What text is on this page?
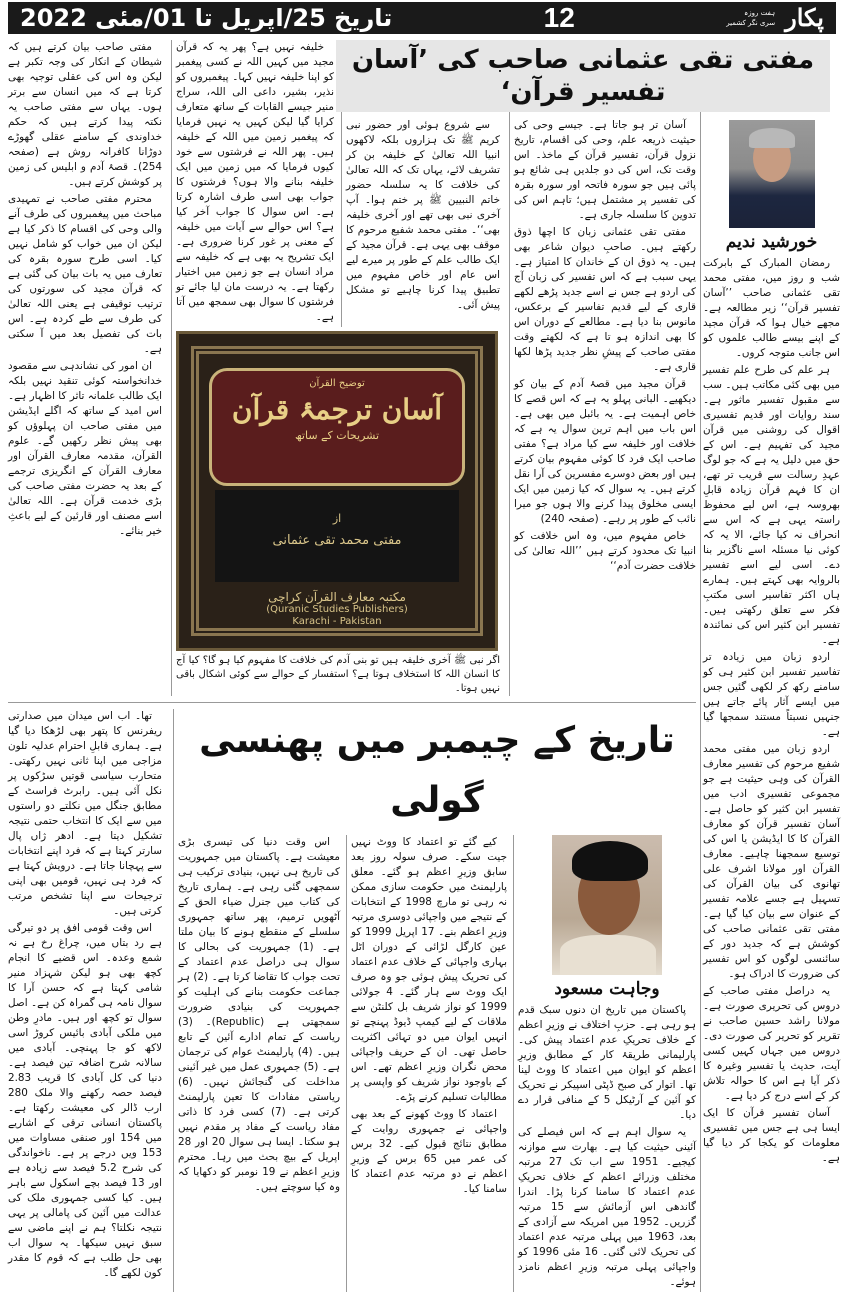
تاریخ 25/اپریل تا 01/مئی 2022	12	پکار
ہفت روزہ
سری نگر کشمیر
مفتی تقی عثمانی صاحب کی ’آسان تفسیر قرآن‘

مفتی صاحب بیان کرتے ہیں کہ شیطان کے انکار کی وجہ تکبر ہے لیکن وہ اس کی عقلی توجیہ بھی کرتا ہے کہ میں انسان سے برتر ہوں۔ یہاں سے مفتی صاحب یہ نکتہ پیدا کرتے ہیں کہ حکم خداوندی کے سامنے عقلی گھوڑے دوڑانا کافرانہ روش ہے (صفحہ 254)۔ قصۂ آدم و ابلیس کی زمین پر کوشش کرتے ہیں۔

محترم مفتی صاحب نے تمہیدی مباحث میں پیغمبروں کی طرف آنے والی وحی کی اقسام کا ذکر کیا ہے لیکن ان میں خواب کو شامل نہیں کیا۔ اسی طرح سورہ بقرہ کی تعارف میں یہ بات بیان کی گئی ہے کہ قرآن مجید کی سورتوں کی ترتیب توقیفی ہے یعنی اللہ تعالیٰ کی طرف سے طے کردہ ہے۔ اس بات کی تفصیل بعد میں آ سکتی ہے۔

ان امور کی نشاندہی سے مقصود خدانخواستہ کوئی تنقید نہیں بلکہ ایک طالب علمانہ تاثر کا اظہار ہے۔ اس امید کے ساتھ کہ اگلے ایڈیشن میں مفتی صاحب ان پہلوؤں کو بھی پیش نظر رکھیں گے۔ علوم القرآن، مقدمہ معارف القرآن اور معارف القرآن کے انگریزی ترجمے کے بعد یہ حضرت مفتی صاحب کی بڑی خدمت قرآن ہے۔ اللہ تعالیٰ اسے مصنف اور قارئین کے لیے باعثِ خیر بنائے۔

خلیفہ نہیں ہے؟ پھر یہ کہ قرآن مجید میں کہیں اللہ نے کسی پیغمبر کو اپنا خلیفہ نہیں کہا۔ پیغمبروں کو نذیر، بشیر، داعی الی اللہ، سراج منیر جیسے القابات کے ساتھ متعارف کرایا گیا لیکن کہیں یہ نہیں فرمایا کہ پیغمبر زمین میں اللہ کے خلیفہ ہیں۔ پھر اللہ نے فرشتوں سے خود کیوں فرمایا کہ میں زمین میں ایک خلیفہ بنانے والا ہوں؟ فرشتوں کا جواب بھی اسی طرف اشارہ کرتا ہے۔ اس سوال کا جواب آخر کیا ہے؟ اس حوالے سے آیات میں خلیفہ کے معنی پر غور کرنا ضروری ہے۔ ایک تشریح یہ بھی ہے کہ خلیفہ سے مراد انسان ہے جو زمین میں اختیار رکھتا ہے۔ یہ درست مان لیا جائے تو فرشتوں کا سوال بھی سمجھ میں آتا ہے۔

سے شروع ہوئی اور حضور نبی کریم ﷺ تک ہزاروں بلکہ لاکھوں انبیا اللہ تعالیٰ کے خلیفہ بن کر تشریف لائے، یہاں تک کہ اللہ تعالیٰ کی خلافت کا یہ سلسلہ حضور خاتم النبیین ﷺ پر ختم ہوا۔ آپ آخری نبی بھی تھے اور آخری خلیفہ بھی‘‘۔ مفتی محمد شفیع مرحوم کا موقف بھی یہی ہے۔ قرآن مجید کے ایک طالب علم کے طور پر میرے لیے اس عام اور خاص مفہوم میں تطبیق پیدا کرنا چاہیے تو مشکل پیش آئی۔

توضیح القرآن
آسان ترجمۂ قرآن
تشریحات کے ساتھ
از
مفتی محمد تقی عثمانی
مکتبہ معارف القرآن کراچی
(Quranic Studies Publishers)
Karachi - Pakistan
اگر نبی ﷺ آخری خلیفہ ہیں تو بنی آدم کی خلافت کا مفہوم کیا ہو گا؟ کیا آج کا انسان اللہ کا استخلاف ہوتا ہے؟ استفسار کے حوالے سے کوئی اشکال باقی نہیں ہوتا۔

آسان تر ہو جاتا ہے۔ جیسے وحی کی حیثیت ذریعہ علم، وحی کی اقسام، تاریخ نزول قرآن، تفسیر قرآن کے ماخذ۔ اس وقت تک، اس کی دو جلدیں ہی شائع ہو پائی ہیں جو سورہ فاتحہ اور سورہ بقرہ کی تفسیر پر مشتمل ہیں؛ تاہم اس کی تدوین کا سلسلہ جاری ہے۔

مفتی تقی عثمانی زبان کا اچھا ذوق رکھتے ہیں۔ صاحبِ دیوان شاعر بھی ہیں۔ یہ ذوق ان کے خاندان کا امتیاز ہے۔ یہی سبب ہے کہ اس تفسیر کی زبان آج کی اردو ہے جس نے اسے جدید پڑھے لکھے قاری کے لیے قدیم تفاسیر کے برعکس، مانوس بنا دیا ہے۔ مطالعے کے دوران اس کا بھی اندازہ ہو تا ہے کہ لکھتے وقت مفتی صاحب کے پیشِ نظر جدید پڑھا لکھا قاری ہے۔

قرآن مجید میں قصۂ آدم کے بیان کو دیکھیے۔ البانی پہلو یہ ہے کہ اس قصے کا خاص اہمیت ہے۔ یہ بائبل میں بھی ہے۔ اس باب میں اہم ترین سوال یہ ہے کہ خلافت اور خلیفہ سے کیا مراد ہے؟ مفتی صاحب ایک فرد کا کوئی مفہوم بیان کرتے ہیں اور بعض دوسرے مفسرین کی آرا نقل کرتے ہیں۔ یہ سوال کہ کیا زمین میں ایک ایسی مخلوق پیدا کرنے والا ہوں جو میرا نائب کے طور پر رہے۔ (صفحہ 240)

خاص مفہوم میں، وہ اس خلافت کو انبیا تک محدود کرتے ہیں ’’اللہ تعالیٰ کی خلافت حضرت آدم‘‘

تھا۔ اب اس میدان میں صدارتی ریفرنس کا پتھر بھی لڑھکا دیا گیا ہے۔ ہماری قابلِ احترام عدلیہ تلون مزاجی میں اپنا ثانی نہیں رکھتی۔ متحارب سیاسی قوتیں سڑکوں پر نکل آئی ہیں۔ رابرٹ فراسٹ کے مطابق جنگل میں نکلتے دو راستوں میں سے ایک کا انتخاب حتمی نتیجہ تشکیل دیتا ہے۔ ادھر ژاں پال سارتر کہتا ہے کہ فرد اپنے انتخابات سے پہچانا جاتا ہے۔ درویش کہتا ہے کہ فرد ہی نہیں، قومیں بھی اپنی ترجیحات سے اپنا تشخص مرتب کرتی ہیں۔

اس وقت قومی افق پر دو تیرگی ہے رد بتاں میں، چراغ رخ ہے نہ شمع وعدہ۔ اس قضیے کا انجام کچھ بھی ہو لیکن شہزاد منیر شامی کہتا ہے کہ حسن آرا کا سوال نامہ ہی گمراہ کن ہے۔ اصل سوال تو کچھ اور ہیں۔ مادرِ وطن میں ملکی آبادی بائیس کروڑ اسی لاکھ کو جا پہنچی۔ آبادی میں سالانہ شرح اضافہ تین فیصد ہے۔ دنیا کی کل آبادی کا قریب 2.83 فیصد حصہ رکھنے والا ملک 280 ارب ڈالر کی معیشت رکھتا ہے۔ پاکستان انسانی ترقی کے اشاریے میں 154 اور صنفی مساوات میں 153 ویں درجے پر ہے۔ ناخواندگی کی شرح 5.2 فیصد سے زیادہ ہے اور 13 فیصد بچے اسکول سے باہر ہیں۔ کیا کسی جمہوری ملک کی عدالت میں آئین کی پامالی پر یہی نتیجہ نکلتا؟ ہم نے اپنے ماضی سے سبق نہیں سیکھا۔ یہ سوال اب بھی حل طلب ہے کہ قوم کا مقدر کون لکھے گا۔

تاریخ کے چیمبر میں پھنسی گولی

اس وقت دنیا کی تیسری بڑی معیشت ہے۔ پاکستان میں جمہوریت کی تاریخ ہی نہیں، بنیادی ترکیب ہی سمجھی گئی رہی ہے۔ ہماری تاریخ کی کتاب میں جنرل ضیاء الحق کے آٹھویں ترمیم، پھر ساتھ جمہوری سلسلے کے منقطع ہونے کا بیان ملتا ہے۔ (1) جمہوریت کی بحالی کا سوال ہی دراصل عدم اعتماد کے تحت جواب کا تقاضا کرتا ہے۔ (2) ہر جماعت حکومت بنانے کی اہلیت کو جمہوریت کی بنیادی ضرورت سمجھتی ہے (Republic)۔ (3) ریاست کے تمام ادارے آئین کے تابع ہیں۔ (4) پارلیمنٹ عوام کی ترجمان ہے۔ (5) جمہوری عمل میں غیر آئینی مداخلت کی گنجائش نہیں۔ (6) ریاستی مفادات کا تعین پارلیمنٹ کرتی ہے۔ (7) کسی فرد کا ذاتی مفاد ریاست کے مفاد پر مقدم نہیں ہو سکتا۔ ایسا ہی سوال 20 اور 28 اپریل کے بیچ بحث میں رہا۔ محترم وزیرِ اعظم نے 19 نومبر کو دکھایا کہ وہ کیا سوچتے ہیں۔

کیے گئے تو اعتماد کا ووٹ نہیں جیت سکے۔ صرف سولہ روز بعد سابق وزیرِ اعظم ہو گئے۔ معلق پارلیمنٹ میں حکومت سازی ممکن نہ رہی تو مارچ 1998 کے انتخابات کے نتیجے میں واجپائی دوسری مرتبہ وزیرِ اعظم بنے۔ 17 اپریل 1999 کو عین کارگل لڑائی کے دوران اٹل بہاری واجپائی کے خلاف عدم اعتماد کی تحریک پیش ہوئی جو وہ صرف ایک ووٹ سے ہار گئے۔ 4 جولائی 1999 کو نواز شریف بل کلنٹن سے ملاقات کے لیے کیمپ ڈیوڈ پہنچے تو انہیں ایوان میں دو تہائی اکثریت حاصل تھی۔ ان کے حریف واجپائی محض نگران وزیرِ اعظم تھے۔ اس کے باوجود نواز شریف کو واپسی پر مطالبات تسلیم کرنے پڑے۔

اعتماد کا ووٹ کھونے کے بعد بھی واجپائی نے جمہوری روایت کے مطابق نتائج قبول کیے۔ 32 برس کی عمر میں 65 برس کے وزیرِ اعظم نے دو مرتبہ عدم اعتماد کا سامنا کیا۔

وجاہت مسعود

پاکستان میں تاریخ ان دنوں سبک قدم ہو رہی ہے۔ حزبِ اختلاف نے وزیرِ اعظم کے خلاف تحریکِ عدم اعتماد پیش کی۔ پارلیمانی طریقۂ کار کے مطابق وزیرِ اعظم کو ایوان میں اعتماد کا ووٹ لینا تھا۔ اتوار کی صبح ڈپٹی اسپیکر نے تحریک کو آئین کے آرٹیکل 5 کے منافی قرار دے دیا۔

یہ سوال اہم ہے کہ اس فیصلے کی آئینی حیثیت کیا ہے۔ بھارت سے موازنہ کیجیے۔ 1951 سے اب تک 27 مرتبہ مختلف وزرائے اعظم کے خلاف تحریکِ عدم اعتماد کا سامنا کرنا پڑا۔ اندرا گاندھی اس آزمائش سے 15 مرتبہ گزریں۔ 1952 میں امریکہ سے آزادی کے بعد، 1963 میں پہلی مرتبہ عدم اعتماد کی تحریک لائی گئی۔ 16 مئی 1996 کو واجپائی پہلی مرتبہ وزیرِ اعظم نامزد ہوئے۔

خورشید ندیم

رمضان المبارک کے بابرکت شب و روز میں، مفتی محمد تقی عثمانی صاحب ’’آسان تفسیر قرآن‘‘ زیر مطالعہ ہے۔ مجھے خیال ہوا کہ قرآن مجید کے اپنے بیسے طالب علموں کو اس جانب متوجہ کروں۔

ہر علم کی طرح علم تفسیر میں بھی کئی مکاتب ہیں۔ سب سے مقبول تفسیر ماثور ہے۔ سند روایات اور قدیم تفسیری اقوال کی روشنی میں قرآن مجید کی تفہیم ہے۔ اس کے حق میں دلیل یہ ہے کہ جو لوگ عہدِ رسالت سے قریب تر تھے، ان کا فہم قرآن زیادہ قابلِ بھروسہ ہے، اس لیے محفوظ راستہ یہی ہے کہ اس سے انحراف نہ کیا جائے، الا یہ کہ کوئی نیا مسئلہ اسے ناگزیر بنا دے۔ اسی لیے اسے تفسیر بالروایہ بھی کہتے ہیں۔ ہمارے ہاں اکثر تفاسیر اسی مکتبِ فکر سے تعلق رکھتی ہیں۔ تفسیر ابن کثیر اس کی نمائندہ ہے۔

اردو زبان میں زیادہ تر تفاسیر تفسیر ابن کثیر ہی کو سامنے رکھ کر لکھی گئیں جس میں ایسے آثار پائے جاتے ہیں جنہیں نسبتاً مستند سمجھا گیا ہے۔

اردو زبان میں مفتی محمد شفیع مرحوم کی تفسیر معارف القرآن کی وہی حیثیت ہے جو مجموعی تفسیری ادب میں تفسیر ابن کثیر کو حاصل ہے۔ آسان تفسیر قرآن کو معارف القرآن کا کا ایڈیشن یا اس کی توسیع سمجھنا چاہیے۔ معارف القرآن اور مولانا اشرف علی تھانوی کی بیان القرآن کی تسہیل ہے جسے علامہ تفسیر کے عنوان سے بیان کیا گیا ہے۔ مفتی تقی عثمانی صاحب کی کوشش ہے کہ جدید دور کے سائنسی لوگوں کو اس تفسیر کی ضرورت کا ادراک ہو۔

یہ دراصل مفتی صاحب کے دروس کی تحریری صورت ہے۔ مولانا راشد حسین صاحب نے تقریر کو تحریر کی صورت دی۔ دروس میں جہاں کہیں کسی آیت، حدیث یا تفسیر وغیرہ کا ذکر آیا ہے اس کا حوالہ تلاش کر کے اسے درج کر دیا ہے۔

آسان تفسیر قرآن کا ایک ایسا ہی ہے جس میں تفسیری معلومات کو یکجا کر دیا گیا ہے۔
